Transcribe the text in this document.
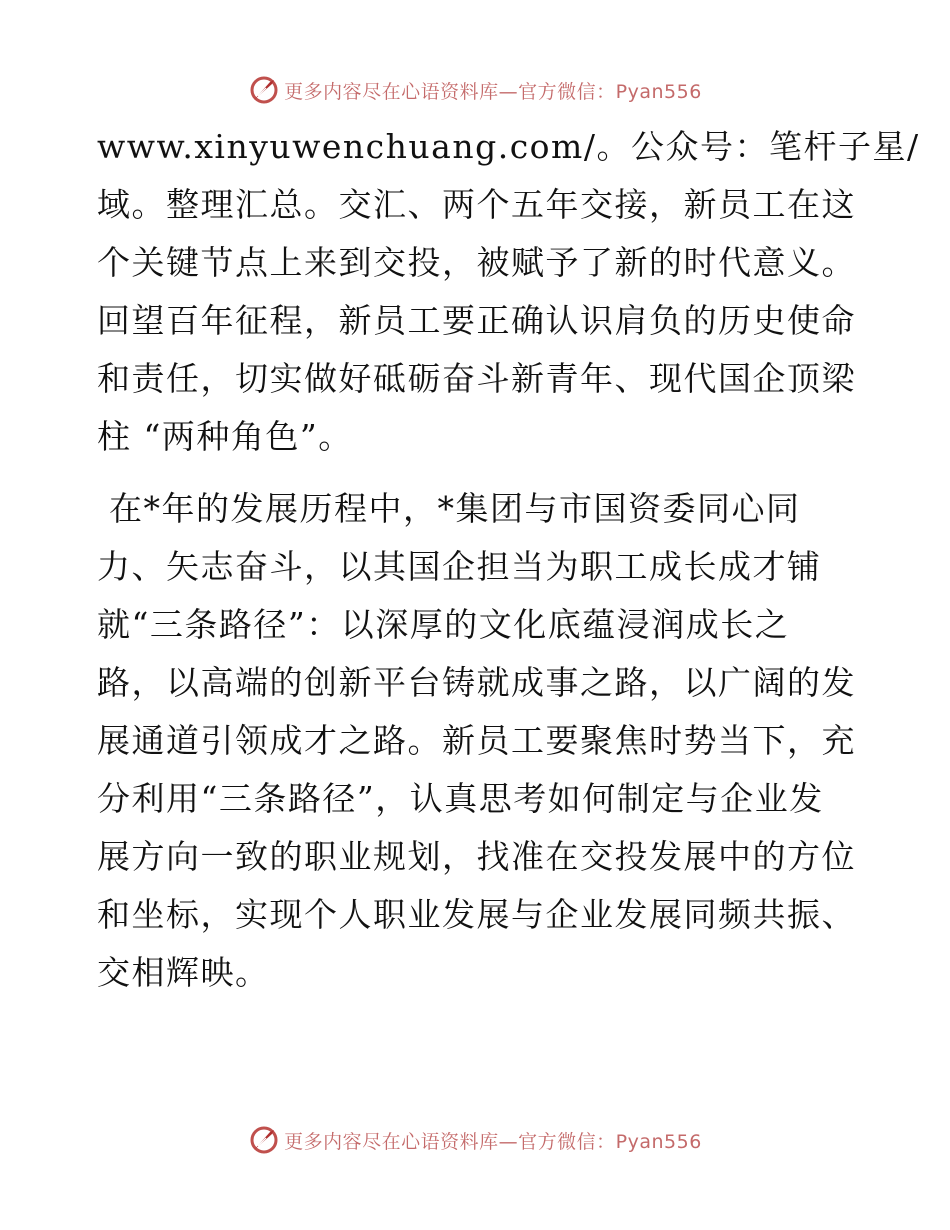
更多内容尽在心语资料库—官方微信：Pyan556
www.xinyuwenchuang.com/。公众号：笔杆子星/
域。整理汇总。交汇、两个五年交接，新员工在这
个关键节点上来到交投，被赋予了新的时代意义。
回望百年征程，新员工要正确认识肩负的历史使命
和责任，切实做好砥砺奋斗新青年、现代国企顶梁
柱 “两种角色”。
在*年的发展历程中，*集团与市国资委同心同
力、矢志奋斗，以其国企担当为职工成长成才铺
就“三条路径”：以深厚的文化底蕴浸润成长之
路，以高端的创新平台铸就成事之路，以广阔的发
展通道引领成才之路。新员工要聚焦时势当下，充
分利用“三条路径”，认真思考如何制定与企业发
展方向一致的职业规划，找准在交投发展中的方位
和坐标，实现个人职业发展与企业发展同频共振、
交相辉映。
更多内容尽在心语资料库—官方微信：Pyan556
